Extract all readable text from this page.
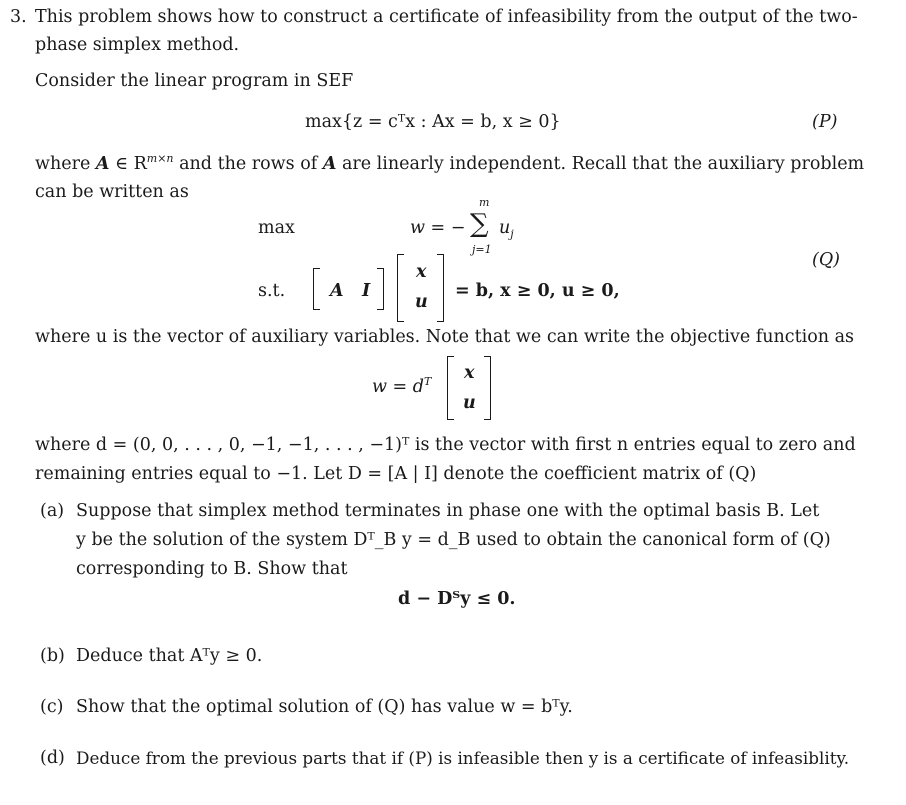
3. This problem shows how to construct a certificate of infeasibility from the output of the two-
phase simplex method.
Consider the linear program in SEF
max{z = cᵀx : Ax = b, x ≥ 0}	(P)
where A ∈ $R^{m\times n}$ and the rows of A are linearly independent. Recall that the auxiliary problem
can be written as
max	w = −
m
∑
j=1
$u_j$
(Q)
s.t.	A I
x
u
= b, x ≥ 0, u ≥ 0,
where u is the vector of auxiliary variables. Note that we can write the objective function as
$w = d^T$ x
u
where d = (0, 0, . . . , 0, −1, −1, . . . , −1)ᵀ is the vector with first n entries equal to zero and
remaining entries equal to −1. Let D = [A | I] denote the coefficient matrix of (Q)
(a) Suppose that simplex method terminates in phase one with the optimal basis B. Let
y be the solution of the system Dᵀ_B y = d_B used to obtain the canonical form of (Q)
corresponding to B. Show that
d − Dᵀy ≤ 0.
(b) Deduce that Aᵀy ≥ 0.
(c) Show that the optimal solution of (Q) has value w = bᵀy.
(d) Deduce from the previous parts that if (P) is infeasible then y is a certificate of infeasiblity.
